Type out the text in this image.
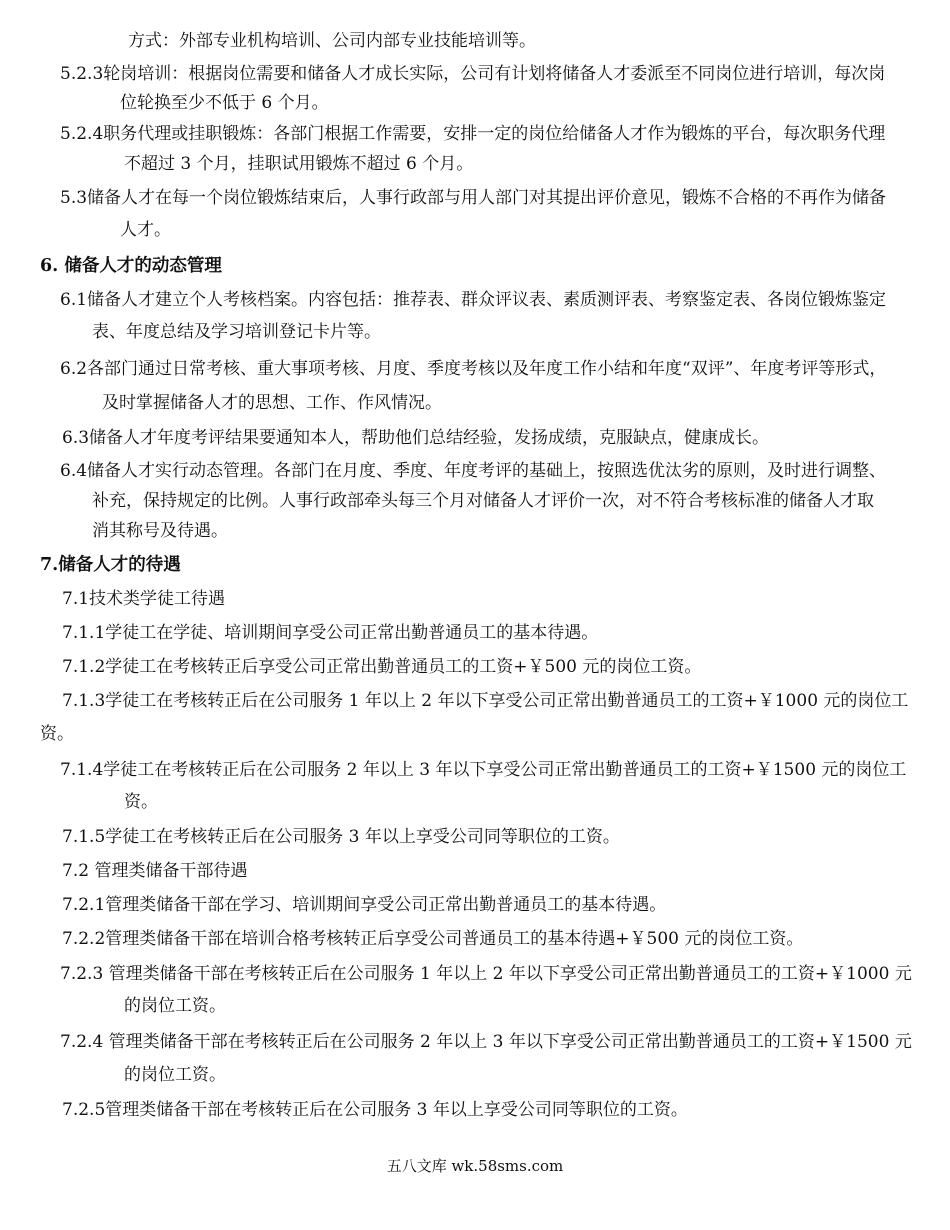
方式：外部专业机构培训、公司内部专业技能培训等。
5.2.3轮岗培训：根据岗位需要和储备人才成长实际，公司有计划将储备人才委派至不同岗位进行培训，每次岗
位轮换至少不低于 6 个月。
5.2.4职务代理或挂职锻炼：各部门根据工作需要，安排一定的岗位给储备人才作为锻炼的平台，每次职务代理
不超过 3 个月，挂职试用锻炼不超过 6 个月。
5.3储备人才在每一个岗位锻炼结束后，人事行政部与用人部门对其提出评价意见，锻炼不合格的不再作为储备
人才。
6. 储备人才的动态管理
6.1储备人才建立个人考核档案。内容包括：推荐表、群众评议表、素质测评表、考察鉴定表、各岗位锻炼鉴定
表、年度总结及学习培训登记卡片等。
6.2各部门通过日常考核、重大事项考核、月度、季度考核以及年度工作小结和年度“双评”、年度考评等形式，
及时掌握储备人才的思想、工作、作风情况。
6.3储备人才年度考评结果要通知本人，帮助他们总结经验，发扬成绩，克服缺点，健康成长。
6.4储备人才实行动态管理。各部门在月度、季度、年度考评的基础上，按照选优汰劣的原则，及时进行调整、
补充，保持规定的比例。人事行政部牵头每三个月对储备人才评价一次，对不符合考核标准的储备人才取
消其称号及待遇。
7.储备人才的待遇
7.1技术类学徒工待遇
7.1.1学徒工在学徒、培训期间享受公司正常出勤普通员工的基本待遇。
7.1.2学徒工在考核转正后享受公司正常出勤普通员工的工资+￥500 元的岗位工资。
7.1.3学徒工在考核转正后在公司服务 1 年以上 2 年以下享受公司正常出勤普通员工的工资+￥1000 元的岗位工
资。
7.1.4学徒工在考核转正后在公司服务 2 年以上 3 年以下享受公司正常出勤普通员工的工资+￥1500 元的岗位工
资。
7.1.5学徒工在考核转正后在公司服务 3 年以上享受公司同等职位的工资。
7.2 管理类储备干部待遇
7.2.1管理类储备干部在学习、培训期间享受公司正常出勤普通员工的基本待遇。
7.2.2管理类储备干部在培训合格考核转正后享受公司普通员工的基本待遇+￥500 元的岗位工资。
7.2.3 管理类储备干部在考核转正后在公司服务 1 年以上 2 年以下享受公司正常出勤普通员工的工资+￥1000 元
的岗位工资。
7.2.4 管理类储备干部在考核转正后在公司服务 2 年以上 3 年以下享受公司正常出勤普通员工的工资+￥1500 元
的岗位工资。
7.2.5管理类储备干部在考核转正后在公司服务 3 年以上享受公司同等职位的工资。
五八文库 wk.58sms.com
